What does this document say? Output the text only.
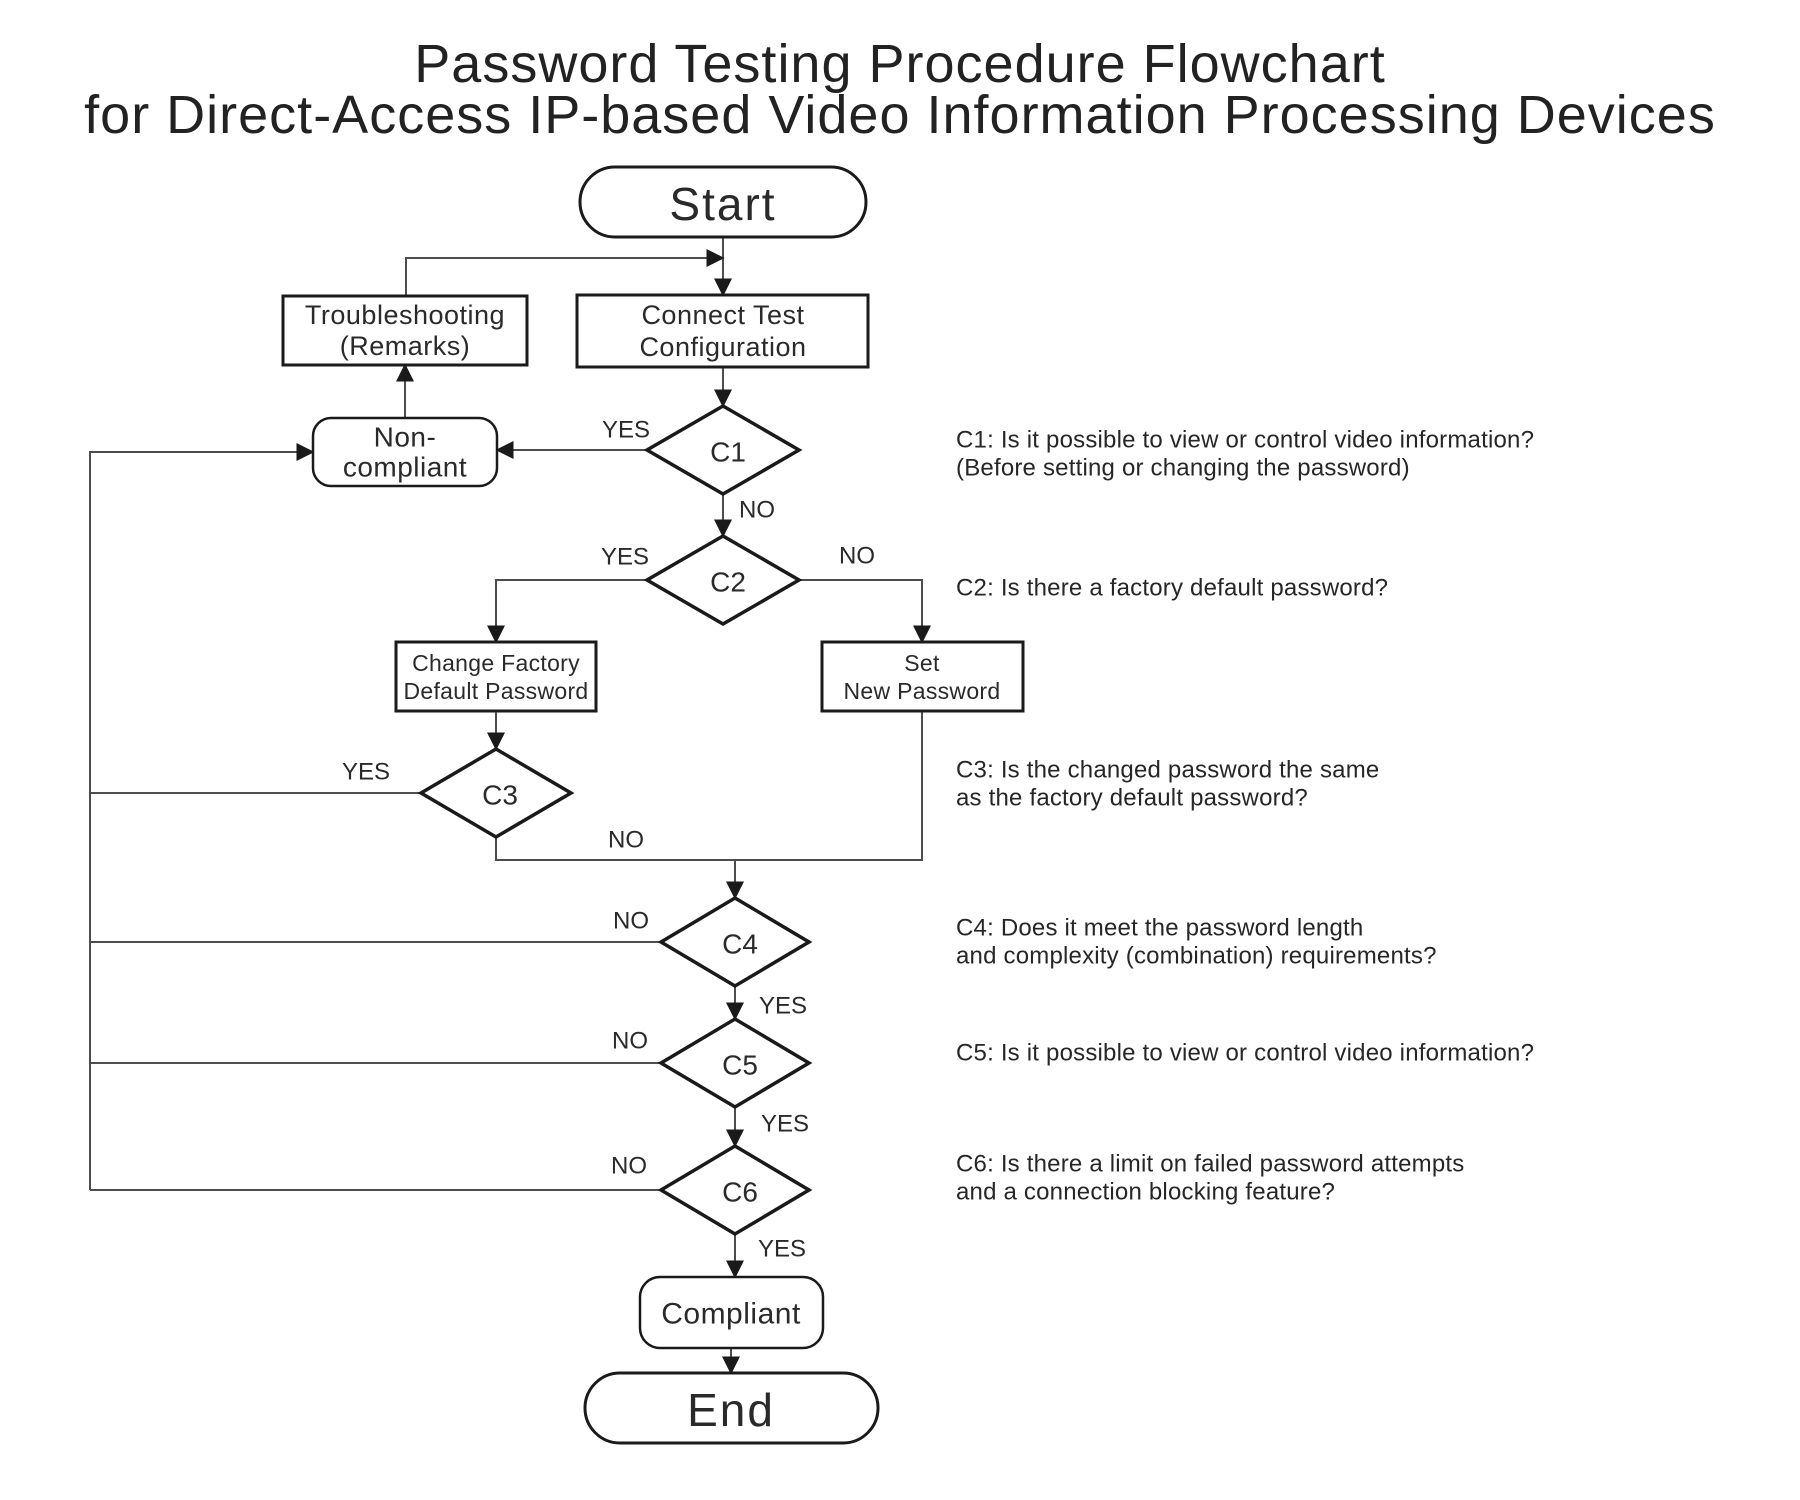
Password Testing Procedure Flowchart
for Direct-Access IP-based Video Information Processing Devices
Start
Connect Test
Configuration
Troubleshooting
(Remarks)
Non-
compliant	C1
C2
Change Factory
Default Password
Set
New Password
C3
C4
C5
C6
Compliant
End
YES
NO
YES	NO
YES
NO
NO
YES
NO
YES
NO
YES
C1: Is it possible to view or control video information?
(Before setting or changing the password)
C2: Is there a factory default password?
C3: Is the changed password the same
as the factory default password?
C4: Does it meet the password length
and complexity (combination) requirements?
C5: Is it possible to view or control video information?
C6: Is there a limit on failed password attempts
and a connection blocking feature?
